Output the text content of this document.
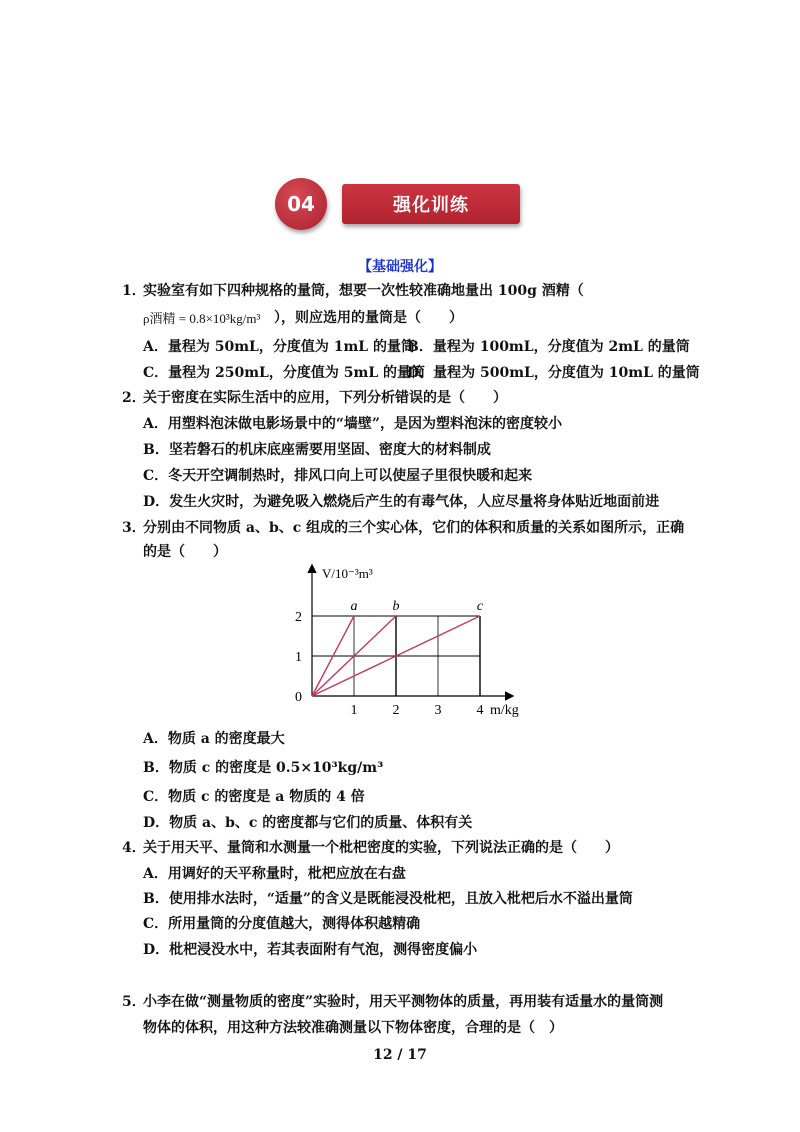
04	强化训练
【基础强化】
1．
实验室有如下四种规格的量筒，想要一次性较准确地量出 100g 酒精（
ρ酒精 = 0.8×10³kg/m³ ），则应选用的量筒是（　　）
A．量程为 50mL，分度值为 1mL 的量筒
B．量程为 100mL，分度值为 2mL 的量筒
C．量程为 250mL，分度值为 5mL 的量筒
D．量程为 500mL，分度值为 10mL 的量筒
2．
关于密度在实际生活中的应用，下列分析错误的是（　　）
A．用塑料泡沫做电影场景中的“墙壁”，是因为塑料泡沫的密度较小
B．坚若磐石的机床底座需要用坚固、密度大的材料制成
C．冬天开空调制热时，排风口向上可以使屋子里很快暖和起来
D．发生火灾时，为避免吸入燃烧后产生的有毒气体，人应尽量将身体贴近地面前进
3．
分别由不同物质 a、b、c 组成的三个实心体，它们的体积和质量的关系如图所示，正确
的是（　　）
a	b	c
1	2	3	4
1
2
0
V/10⁻³m³
m/kg
A．物质 a 的密度最大
B．物质 c 的密度是 0.5×10³kg/m³
C．物质 c 的密度是 a 物质的 4 倍
D．物质 a、b、c 的密度都与它们的质量、体积有关
4．
关于用天平、量筒和水测量一个枇杷密度的实验，下列说法正确的是（　　）
A．用调好的天平称量时，枇杷应放在右盘
B．使用排水法时，“适量”的含义是既能浸没枇杷，且放入枇杷后水不溢出量筒
C．所用量筒的分度值越大，测得体积越精确
D．枇杷浸没水中，若其表面附有气泡，测得密度偏小
5．
小李在做“测量物质的密度”实验时，用天平测物体的质量，再用装有适量水的量筒测
物体的体积，用这种方法较准确测量以下物体密度，合理的是（　）
12 / 17
